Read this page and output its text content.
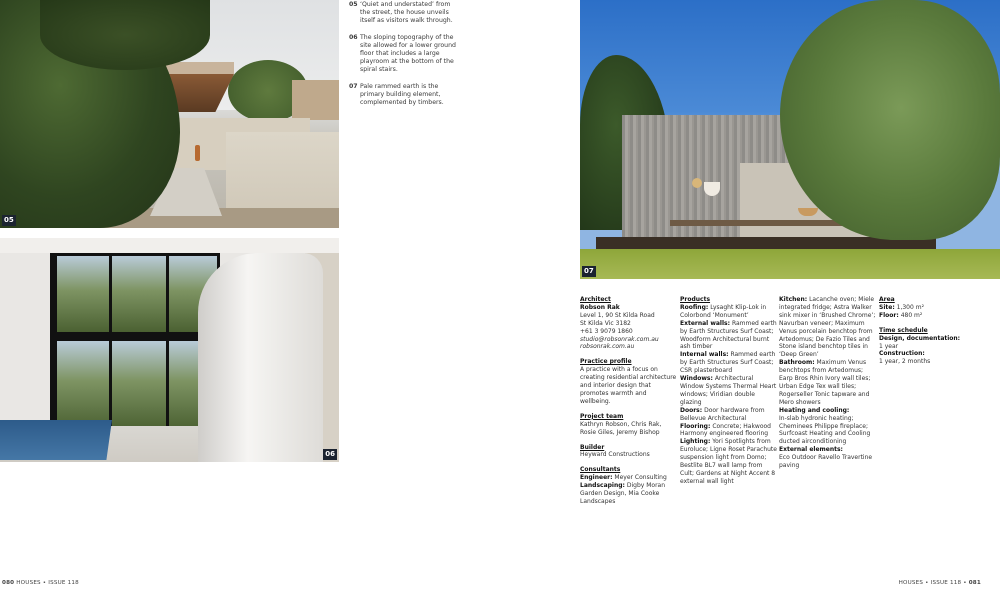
05
06
05 ‘Quiet and understated’ from the street, the house unveils itself as visitors walk through.
06 The sloping topography of the site allowed for a lower ground floor that includes a large playroom at the bottom of the spiral stairs.
07 Pale rammed earth is the primary building element, complemented by timbers.
07
Architect
Robson Rak
Level 1, 90 St Kilda Road
St Kilda Vic 3182
+61 3 9079 1860
studio@robsonrak.com.au
robsonrak.com.au
Practice profile
A practice with a focus on creating residential architecture and interior design that promotes warmth and wellbeing.
Project team
Kathryn Robson, Chris Rak, Rosie Giles, Jeremy Bishop
Builder
Heyward Constructions
Consultants
Engineer: Meyer Consulting
Landscaping: Digby Moran Garden Design, Mia Cooke Landscapes
Products
Roofing: Lysaght Klip-Lok in Colorbond ‘Monument’
External walls: Rammed earth by Earth Structures Surf Coast; Woodform Architectural burnt ash timber
Internal walls: Rammed earth by Earth Structures Surf Coast; CSR plasterboard
Windows: Architectural Window Systems Thermal Heart windows; Viridian double glazing
Doors: Door hardware from Bellevue Architectural
Flooring: Concrete; Hakwood Harmony engineered flooring
Lighting: Yori Spotlights from Euroluce; Ligne Roset Parachute suspension light from Domo; Bestlite BL7 wall lamp from Cult; Gardens at Night Accent 8 external wall light
Kitchen: Lacanche oven; Miele integrated fridge; Astra Walker sink mixer in ‘Brushed Chrome’; Navurban veneer; Maximum Venus porcelain benchtop from Artedomus; De Fazio Tiles and Stone island benchtop tiles in ‘Deep Green’
Bathroom: Maximum Venus benchtops from Artedomus; Earp Bros Rhin Ivory wall tiles; Urban Edge Tex wall tiles; Rogerseller Tonic tapware and Mero showers
Heating and cooling:
In-slab hydronic heating; Cheminees Philippe fireplace; Surfcoast Heating and Cooling ducted airconditioning
External elements:
Eco Outdoor Ravello Travertine paving
Area
Site: 1,300 m²
Floor: 480 m²
Time schedule
Design, documentation:
1 year
Construction:
1 year, 2 months
080 HOUSES • ISSUE 118	HOUSES • ISSUE 118 • 081
